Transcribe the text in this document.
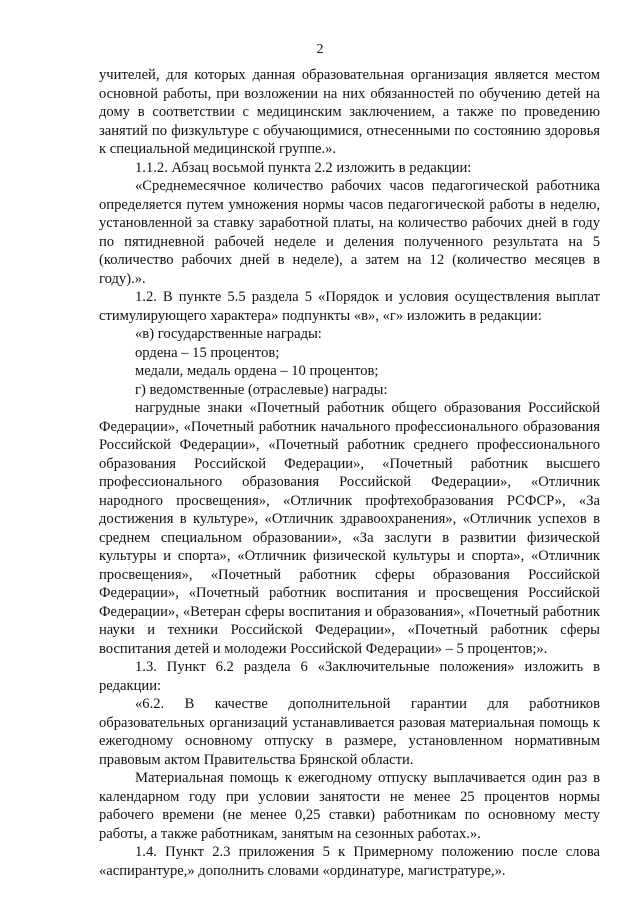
2

учителей, для которых данная образовательная организация является местом основной работы, при возложении на них обязанностей по обучению детей на дому в соответствии с медицинским заключением, а также по проведению занятий по физкультуре с обучающимися, отнесенными по состоянию здоровья к специальной медицинской группе.».

1.1.2. Абзац восьмой пункта 2.2 изложить в редакции:

«Среднемесячное количество рабочих часов педагогической работника определяется путем умножения нормы часов педагогической работы в неделю, установленной за ставку заработной платы, на количество рабочих дней в году по пятидневной рабочей неделе и деления полученного результата на 5 (количество рабочих дней в неделе), а затем на 12 (количество месяцев в году).».

1.2. В пункте 5.5 раздела 5 «Порядок и условия осуществления выплат стимулирующего характера» подпункты «в», «г» изложить в редакции:

«в) государственные награды:

ордена – 15 процентов;

медали, медаль ордена – 10 процентов;

г) ведомственные (отраслевые) награды:

нагрудные знаки «Почетный работник общего образования Российской Федерации», «Почетный работник начального профессионального образования Российской Федерации», «Почетный работник среднего профессионального образования Российской Федерации», «Почетный работник высшего профессионального образования Российской Федерации», «Отличник народного просвещения», «Отличник профтехобразования РСФСР», «За достижения в культуре», «Отличник здравоохранения», «Отличник успехов в среднем специальном образовании», «За заслуги в развитии физической культуры и спорта», «Отличник физической культуры и спорта», «Отличник просвещения», «Почетный работник сферы образования Российской Федерации», «Почетный работник воспитания и просвещения Российской Федерации», «Ветеран сферы воспитания и образования», «Почетный работник науки и техники Российской Федерации», «Почетный работник сферы воспитания детей и молодежи Российской Федерации» – 5 процентов;».

1.3. Пункт 6.2 раздела 6 «Заключительные положения» изложить в редакции:

«6.2. В качестве дополнительной гарантии для работников образовательных организаций устанавливается разовая материальная помощь к ежегодному основному отпуску в размере, установленном нормативным правовым актом Правительства Брянской области.

Материальная помощь к ежегодному отпуску выплачивается один раз в календарном году при условии занятости не менее 25 процентов нормы рабочего времени (не менее 0,25 ставки) работникам по основному месту работы, а также работникам, занятым на сезонных работах.».

1.4. Пункт 2.3 приложения 5 к Примерному положению после слова «аспирантуре,» дополнить словами «ординатуре, магистратуре,».
